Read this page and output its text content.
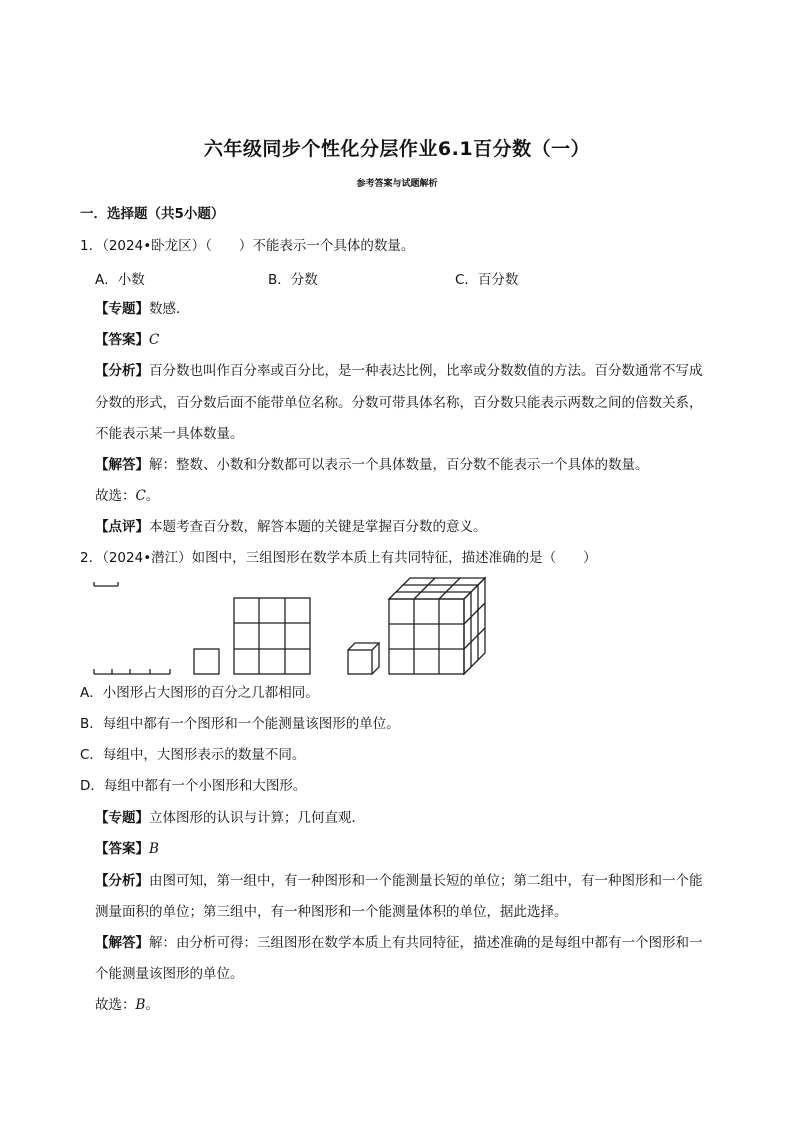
六年级同步个性化分层作业6.1百分数（一）
参考答案与试题解析
一．选择题（共5小题）
1．（2024•卧龙区）（　　）不能表示一个具体的数量。
A．小数	B．分数	C．百分数
【专题】数感．
【答案】C
【分析】百分数也叫作百分率或百分比，是一种表达比例，比率或分数数值的方法。百分数通常不写成
分数的形式，百分数后面不能带单位名称。分数可带具体名称，百分数只能表示两数之间的倍数关系，
不能表示某一具体数量。
【解答】解：整数、小数和分数都可以表示一个具体数量，百分数不能表示一个具体的数量。
故选：C。
【点评】本题考查百分数，解答本题的关键是掌握百分数的意义。
2．（2024•潜江）如图中，三组图形在数学本质上有共同特征，描述准确的是（　　）
A．小图形占大图形的百分之几都相同。
B．每组中都有一个图形和一个能测量该图形的单位。
C．每组中，大图形表示的数量不同。
D．每组中都有一个小图形和大图形。
【专题】立体图形的认识与计算；几何直观．
【答案】B
【分析】由图可知，第一组中，有一种图形和一个能测量长短的单位；第二组中，有一种图形和一个能
测量面积的单位；第三组中，有一种图形和一个能测量体积的单位，据此选择。
【解答】解：由分析可得：三组图形在数学本质上有共同特征，描述准确的是每组中都有一个图形和一
个能测量该图形的单位。
故选：B。
